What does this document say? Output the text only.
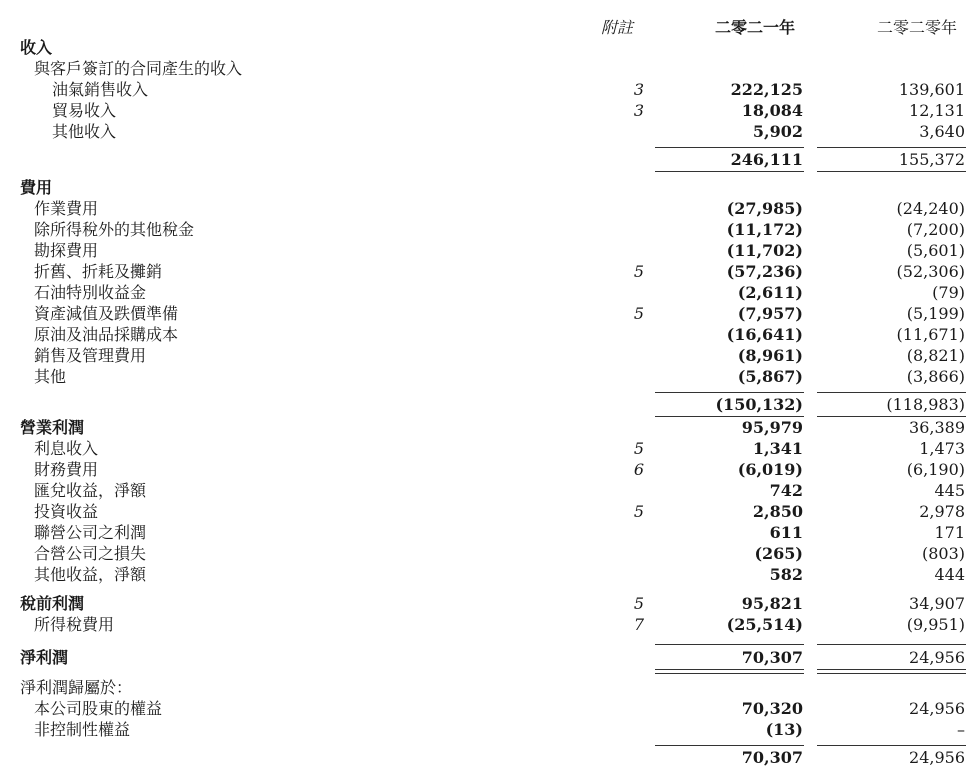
附註	二零二一年	二零二零年
收入
與客戶簽訂的合同產生的收入
油氣銷售收入	3	222,125	139,601
貿易收入	3	18,084	12,131
其他收入	5,902	3,640
246,111	155,372
費用
作業費用	(27,985)	(24,240)
除所得稅外的其他稅金	(11,172)	(7,200)
勘探費用	(11,702)	(5,601)
折舊、折耗及攤銷	5	(57,236)	(52,306)
石油特別收益金	(2,611)	(79)
資產減值及跌價準備	5	(7,957)	(5,199)
原油及油品採購成本	(16,641)	(11,671)
銷售及管理費用	(8,961)	(8,821)
其他	(5,867)	(3,866)
(150,132)	(118,983)
營業利潤	95,979	36,389
利息收入	5	1,341	1,473
財務費用	6	(6,019)	(6,190)
匯兌收益，淨額	742	445
投資收益	5	2,850	2,978
聯營公司之利潤	611	171
合營公司之損失	(265)	(803)
其他收益，淨額	582	444
稅前利潤	5	95,821	34,907
所得稅費用	7	(25,514)	(9,951)
淨利潤	70,307	24,956
淨利潤歸屬於：
本公司股東的權益	70,320	24,956
非控制性權益	(13)	–
70,307	24,956
